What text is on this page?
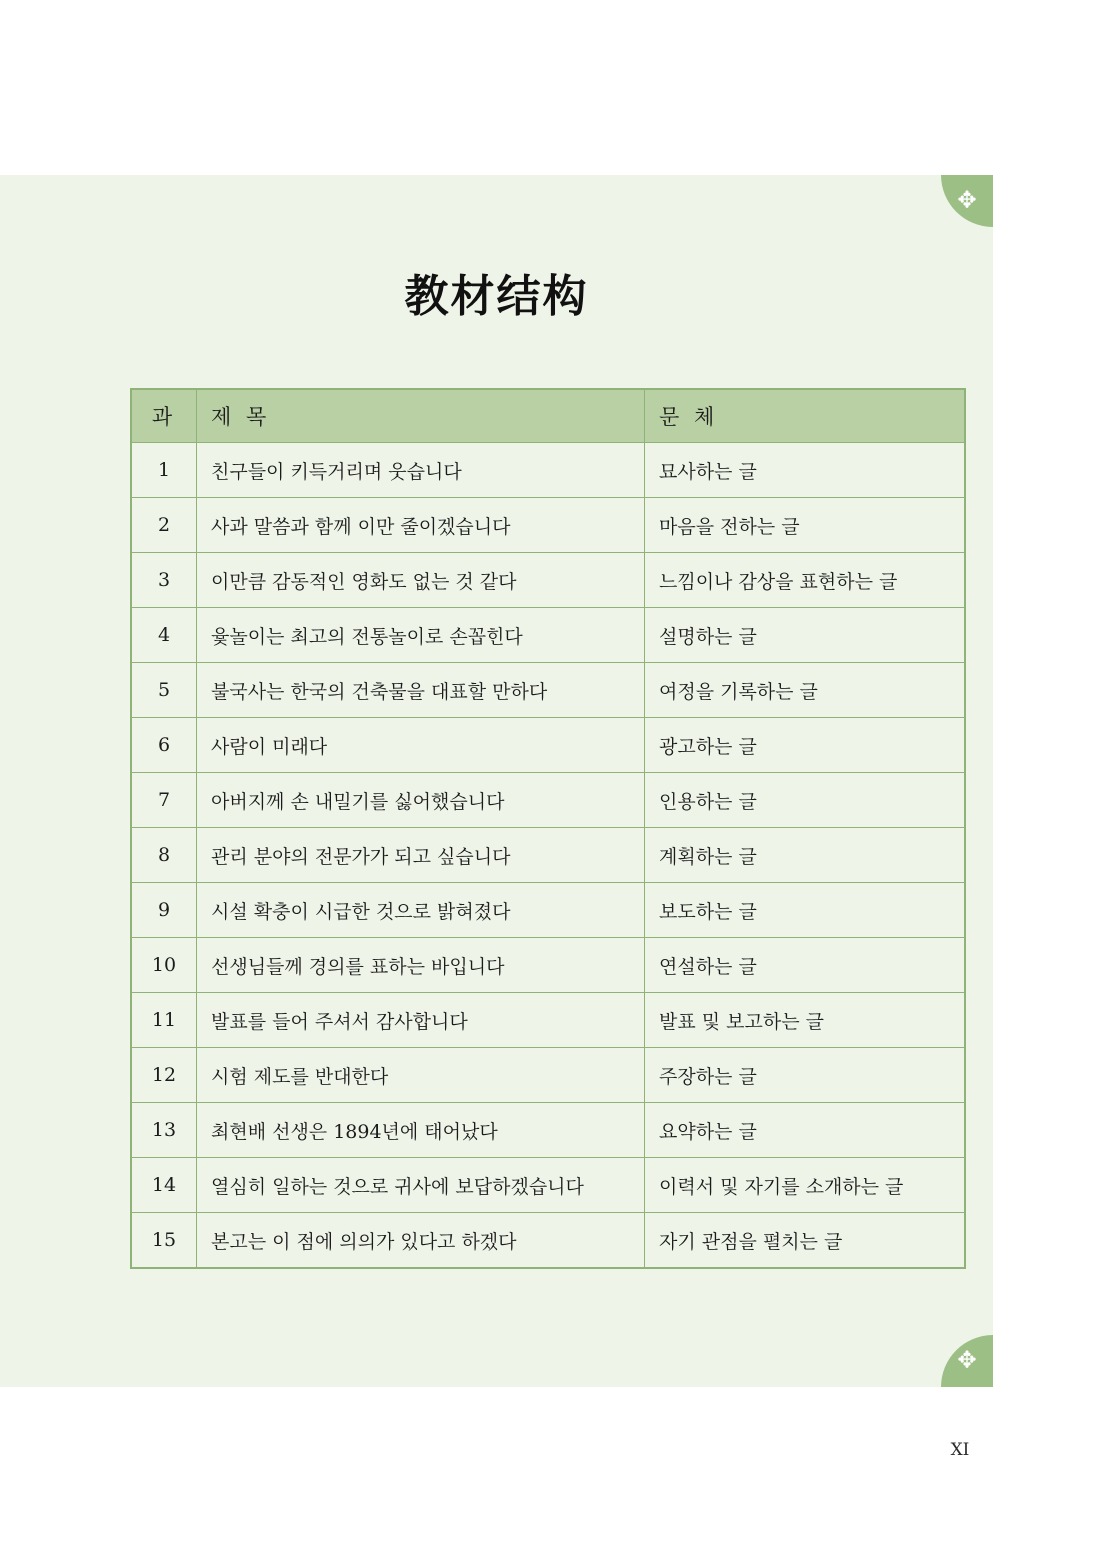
✥
✥
教材结构
과	제 목	문 체
1	친구들이 키득거리며 웃습니다	묘사하는 글
2	사과 말씀과 함께 이만 줄이겠습니다	마음을 전하는 글
3	이만큼 감동적인 영화도 없는 것 같다	느낌이나 감상을 표현하는 글
4	윷놀이는 최고의 전통놀이로 손꼽힌다	설명하는 글
5	불국사는 한국의 건축물을 대표할 만하다	여정을 기록하는 글
6	사람이 미래다	광고하는 글
7	아버지께 손 내밀기를 싫어했습니다	인용하는 글
8	관리 분야의 전문가가 되고 싶습니다	계획하는 글
9	시설 확충이 시급한 것으로 밝혀졌다	보도하는 글
10	선생님들께 경의를 표하는 바입니다	연설하는 글
11	발표를 들어 주셔서 감사합니다	발표 및 보고하는 글
12	시험 제도를 반대한다	주장하는 글
13	최현배 선생은 1894년에 태어났다	요약하는 글
14	열심히 일하는 것으로 귀사에 보답하겠습니다	이력서 및 자기를 소개하는 글
15	본고는 이 점에 의의가 있다고 하겠다	자기 관점을 펼치는 글
XI
